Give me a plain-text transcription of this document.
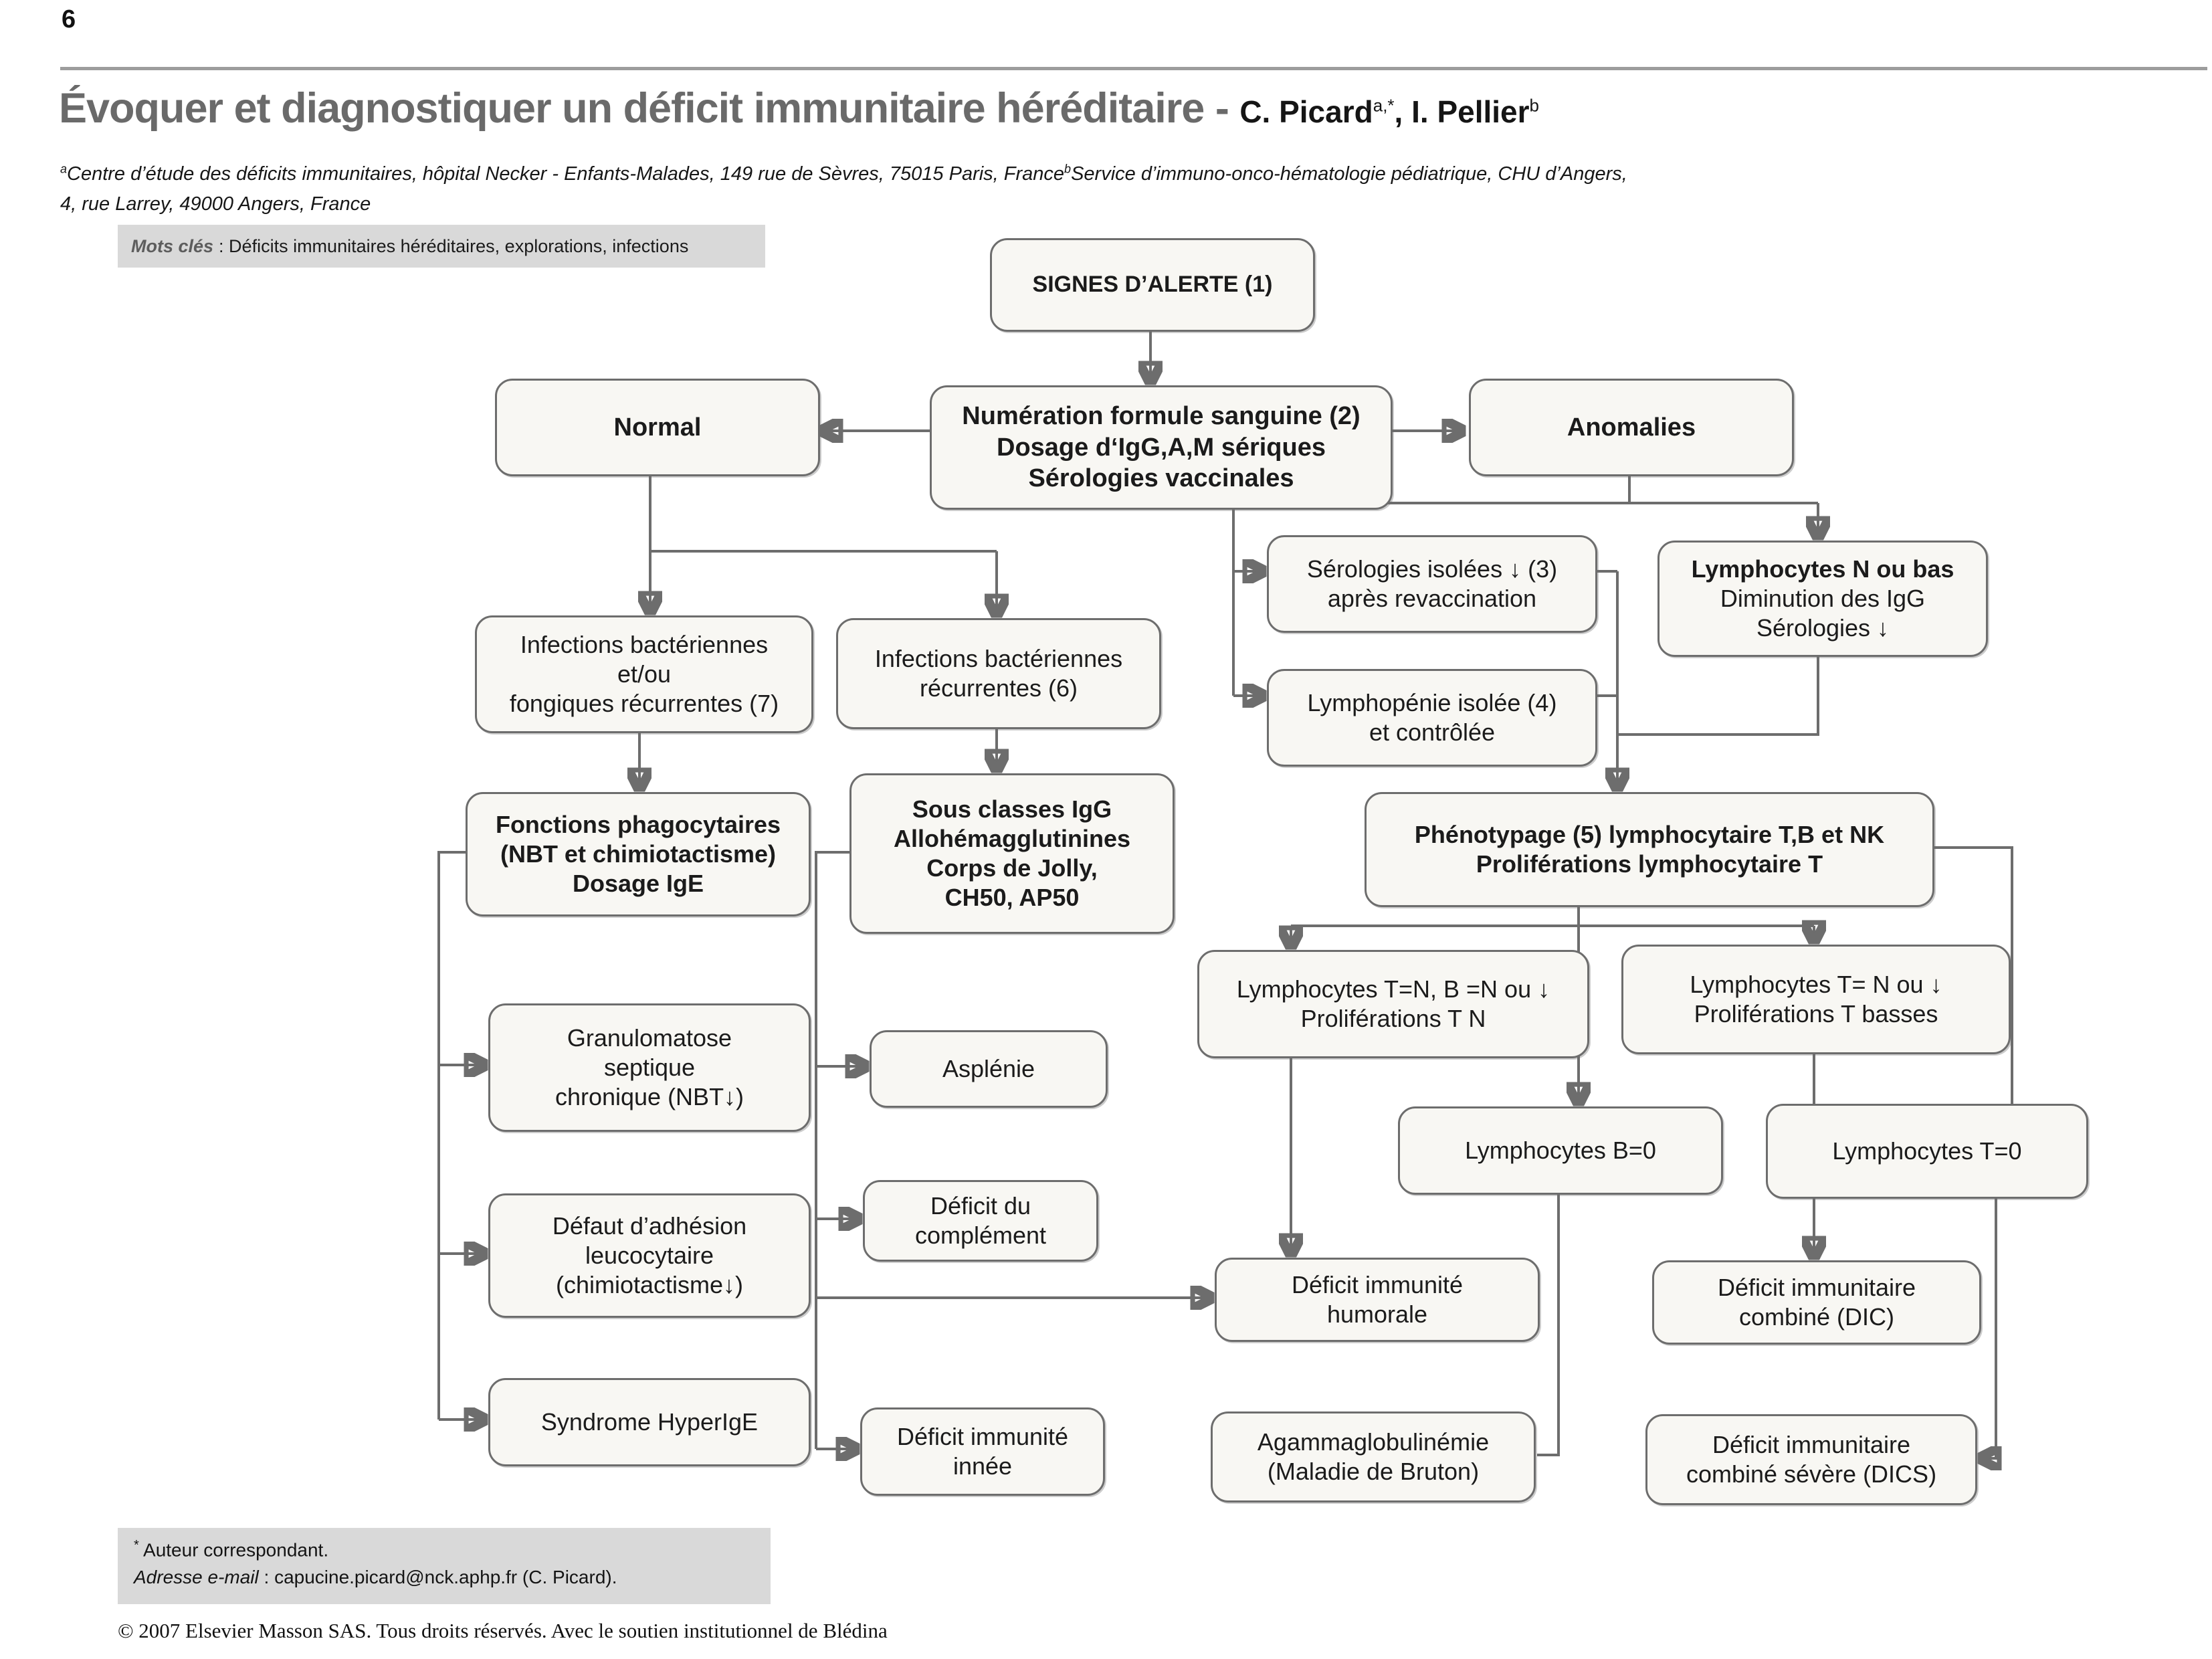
6
Évoquer et diagnostiquer un déficit immunitaire héréditaire - C. Picard$^{a,*}$, I. Pellier$^b$
$^a$Centre d’étude des déficits immunitaires, hôpital Necker - Enfants-Malades, 149 rue de Sèvres, 75015 Paris, France$^b$Service d’immuno-onco-hématologie pédiatrique, CHU d’Angers,
4, rue Larrey, 49000 Angers, France
Mots clés : Déficits immunitaires héréditaires, explorations, infections
SIGNES D’ALERTE (1)
Numération formule sanguine (2)
Dosage d‘IgG,A,M sériques
Sérologies vaccinales
Normal	Anomalies
Sérologies isolées ↓ (3)
après revaccination
Lymphopénie isolée (4)
et contrôlée
Lymphocytes N ou bas
Diminution des IgG
Sérologies ↓
Infections bactériennes
et/ou
fongiques récurrentes (7)
Infections bactériennes
récurrentes (6)
Fonctions phagocytaires
(NBT et chimiotactisme)
Dosage IgE
Sous classes IgG
Allohémagglutinines
Corps de Jolly,
CH50, AP50
Phénotypage (5) lymphocytaire T,B et NK
Proliférations lymphocytaire T
Granulomatose
septique
chronique (NBT↓)
Asplénie
Lymphocytes T=N, B =N ou ↓
Proliférations T N
Lymphocytes T= N ou ↓
Proliférations T basses
Lymphocytes B=0	Lymphocytes T=0
Défaut d’adhésion
leucocytaire
(chimiotactisme↓)
Déficit du
complément
Déficit immunité
humorale
Déficit immunitaire
combiné (DIC)
Syndrome HyperIgE
Déficit immunité
innée
Agammaglobulinémie
(Maladie de Bruton)
Déficit immunitaire
combiné sévère (DICS)
* Auteur correspondant.
Adresse e-mail : capucine.picard@nck.aphp.fr (C. Picard).
© 2007 Elsevier Masson SAS. Tous droits réservés. Avec le soutien institutionnel de Blédina
